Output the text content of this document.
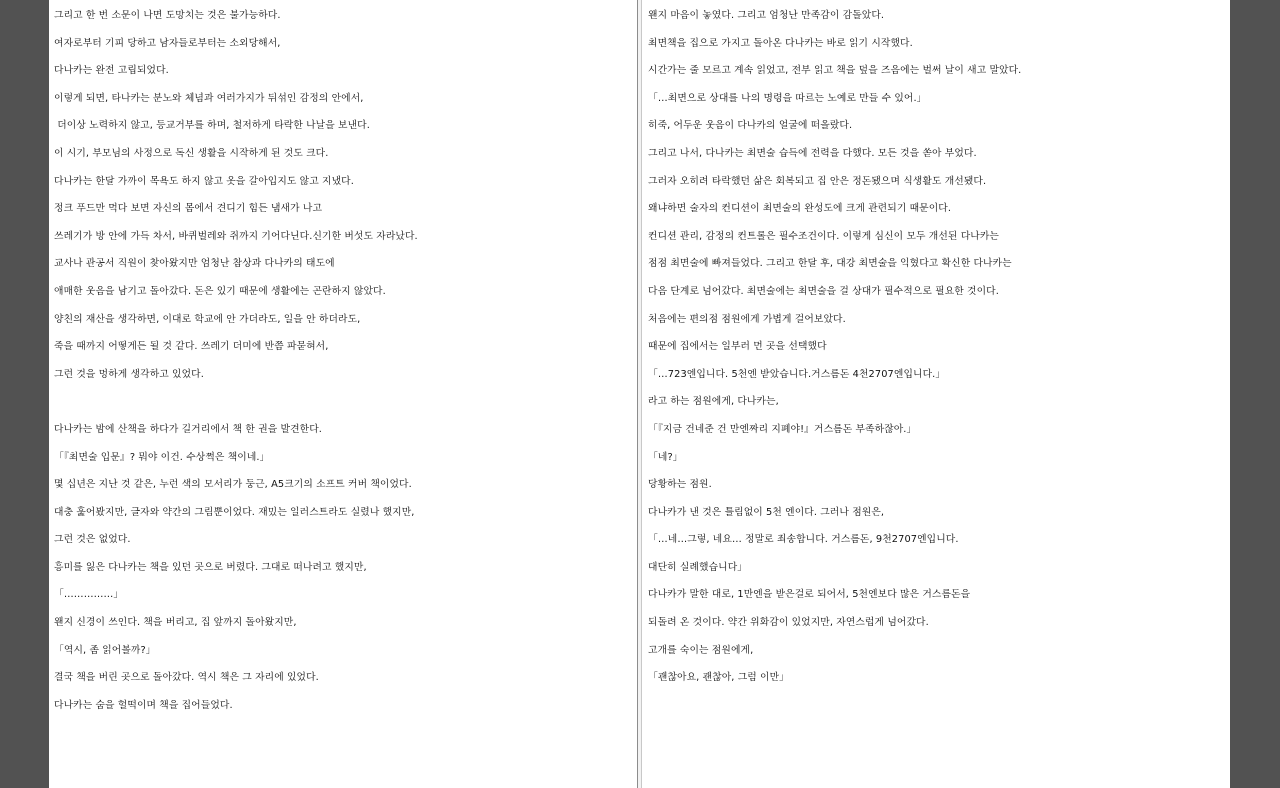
그리고 한 번 소문이 나면 도망치는 것은 불가능하다.
여자로부터 기피 당하고 남자들로부터는 소외당해서,
다나카는 완전 고립되었다.
이렇게 되면, 타나카는 분노와 체념과 여러가지가 뒤섞인 감정의 안에서,
더이상 노력하지 않고, 등교거부를 하며, 철저하게 타락한 나날을 보낸다.
이 시기, 부모님의 사정으로 독신 생활을 시작하게 된 것도 크다.
다나카는 한달 가까이 목욕도 하지 않고 옷을 갈아입지도 않고 지냈다.
정크 푸드만 먹다 보면 자신의 몸에서 견디기 힘든 냄새가 나고
쓰레기가 방 안에 가득 차서, 바퀴벌레와 쥐까지 기어다닌다.신기한 버섯도 자라났다.
교사나 관공서 직원이 찾아왔지만 엄청난 참상과 다나카의 태도에
애매한 웃음을 남기고 돌아갔다. 돈은 있기 때문에 생활에는 곤란하지 않았다.
양친의 재산을 생각하면, 이대로 학교에 안 가더라도, 일을 안 하더라도,
죽을 때까지 어떻게든 될 것 같다. 쓰레기 더미에 반쯤 파묻혀서,
그런 것을 멍하게 생각하고 있었다.

다나카는 밤에 산책을 하다가 길거리에서 책 한 권을 발견한다.
「『최면술 입문』? 뭐야 이건. 수상쩍은 책이네.」
몇 십년은 지난 것 같은, 누런 색의 모서리가 둥근, A5크기의 소프트 커버 책이었다.
대충 훑어봤지만, 글자와 약간의 그림뿐이었다. 재밌는 일러스트라도 실렸나 했지만,
그런 것은 없었다.
흥미를 잃은 다나카는 책을 있던 곳으로 버렸다. 그대로 떠나려고 했지만,
「……………」
왠지 신경이 쓰인다. 책을 버리고, 집 앞까지 돌아왔지만,
「역시, 좀 읽어볼까?」
결국 책을 버린 곳으로 돌아갔다. 역시 책은 그 자리에 있었다.
다나카는 숨을 헐떡이며 책을 집어들었다.
왠지 마음이 놓였다. 그리고 엄청난 만족감이 감돌았다.
최면책을 집으로 가지고 돌아온 다나카는 바로 읽기 시작했다.
시간가는 줄 모르고 계속 읽었고, 전부 읽고 책을 덮을 즈음에는 벌써 날이 새고 말았다.
「…최면으로 상대를 나의 명령을 따르는 노예로 만들 수 있어.」
히죽, 어두운 웃음이 다나카의 얼굴에 떠올랐다.
그리고 나서, 다나카는 최면술 습득에 전력을 다했다. 모든 것을 쏟아 부었다.
그러자 오히려 타락했던 삶은 회복되고 집 안은 정돈됐으며 식생활도 개선됐다.
왜냐하면 술자의 컨디션이 최면술의 완성도에 크게 관련되기 때문이다.
컨디션 관리, 감정의 컨트롤은 필수조건이다. 이렇게 심신이 모두 개선된 다나카는
점점 최면술에 빠져들었다. 그리고 한달 후, 대강 최면술을 익혔다고 확신한 다나카는
다음 단계로 넘어갔다. 최면술에는 최면술을 걸 상대가 필수적으로 필요한 것이다.
처음에는 편의점 점원에게 가볍게 걸어보았다.
때문에 집에서는 일부러 먼 곳을 선택했다
「…723엔입니다. 5천엔 받았습니다.거스름돈 4천2707엔입니다.」
라고 하는 점원에게, 다나카는,
「『지금 건네준 건 만엔짜리 지폐야!』거스름돈 부족하잖아.」
「네?」
당황하는 점원.
다나카가 낸 것은 틀림없이 5천 엔이다. 그러나 점원은,
「…네…그렇, 네요… 정말로 죄송합니다. 거스름돈, 9천2707엔입니다.
대단히 실례했습니다」
다나카가 말한 대로, 1만엔을 받은걸로 되어서, 5천엔보다 많은 거스름돈을
되돌려 온 것이다. 약간 위화감이 있었지만, 자연스럽게 넘어갔다.
고개를 숙이는 점원에게,
「괜찮아요, 괜찮아, 그럼 이만」
